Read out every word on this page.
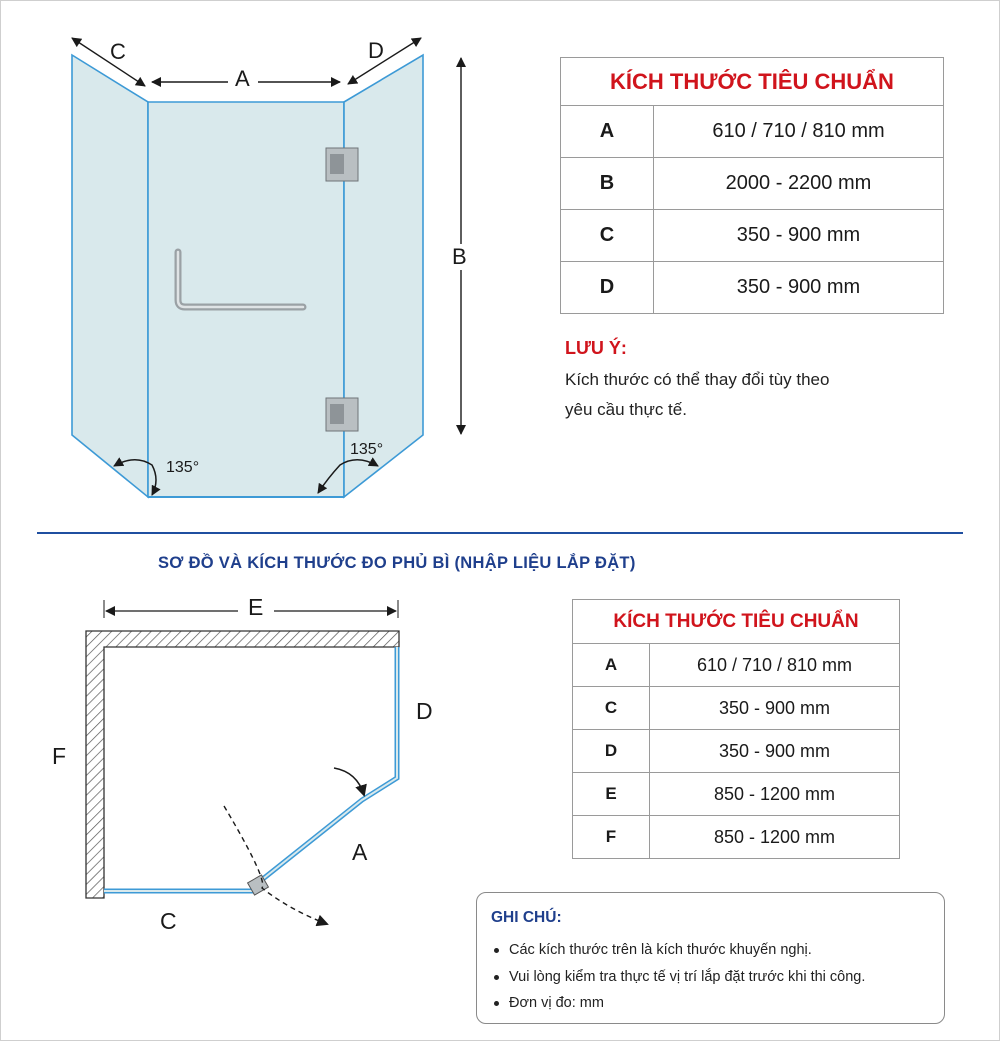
C
A
D
B
135°
135°
E
F
D
A
C
KÍCH THƯỚC TIÊU CHUẨN	
A	610 / 710 / 810 mm
B	2000 - 2200 mm
C	350 - 900 mm
D	350 - 900 mm
LƯU Ý:
Kích thước có thể thay đổi tùy theo
yêu cầu thực tế.
SƠ ĐỒ VÀ KÍCH THƯỚC ĐO PHỦ BÌ (NHẬP LIỆU LẮP ĐẶT)
KÍCH THƯỚC TIÊU CHUẨN	
A	610 / 710 / 810 mm
C	350 - 900 mm
D	350 - 900 mm
E	850 - 1200 mm
F	850 - 1200 mm
GHI CHÚ:
Các kích thước trên là kích thước khuyến nghị.
Vui lòng kiểm tra thực tế vị trí lắp đặt trước khi thi công.
Đơn vị đo: mm
